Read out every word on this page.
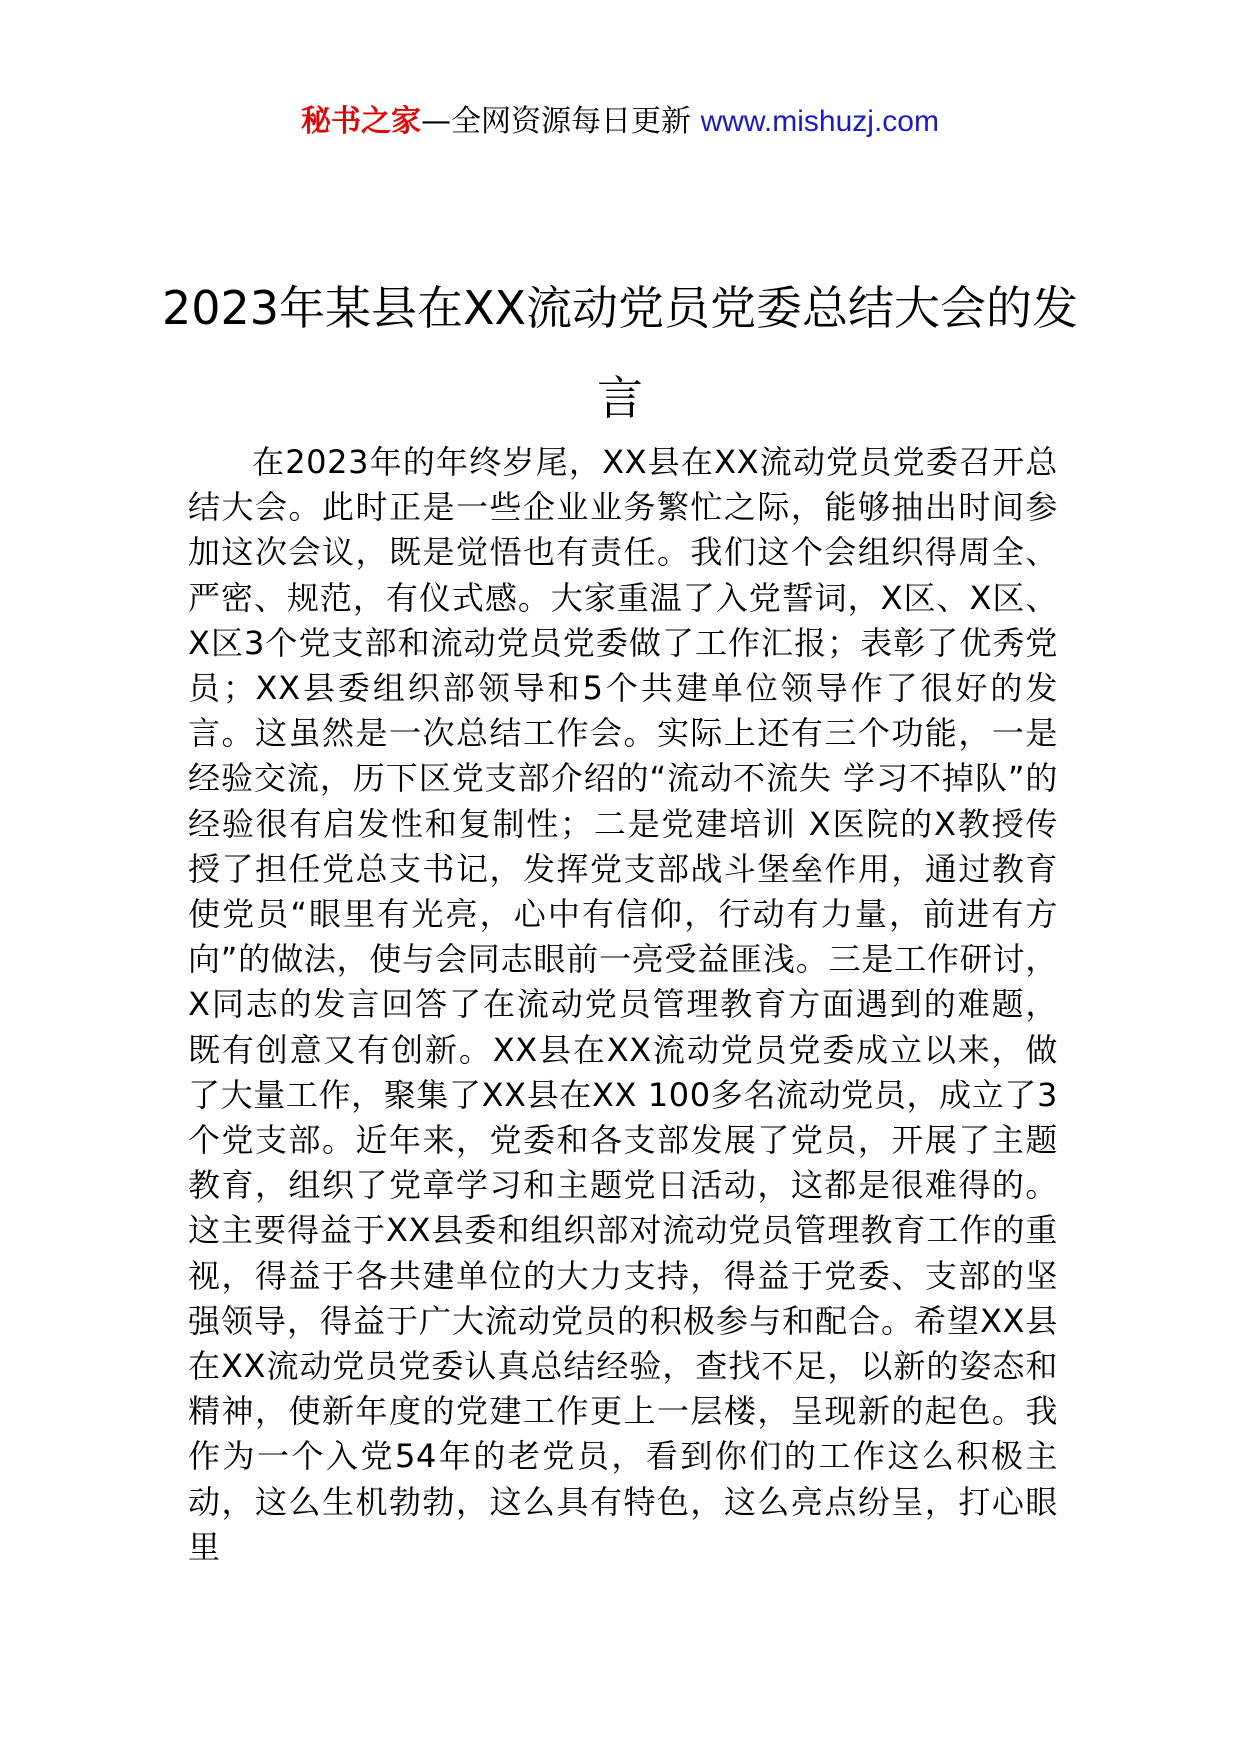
秘书之家—全网资源每日更新 www.mishuzj.com
2023年某县在XX流动党员党委总结大会的发言

在2023年的年终岁尾，XX县在XX流动党员党委召开总结大会。此时正是一些企业业务繁忙之际，能够抽出时间参加这次会议，既是觉悟也有责任。我们这个会组织得周全、严密、规范，有仪式感。大家重温了入党誓词，X区、X区、X区3个党支部和流动党员党委做了工作汇报；表彰了优秀党员；XX县委组织部领导和5个共建单位领导作了很好的发言。这虽然是一次总结工作会。实际上还有三个功能，一是经验交流，历下区党支部介绍的“流动不流失 学习不掉队”的经验很有启发性和复制性；二是党建培训 X医院的X教授传授了担任党总支书记，发挥党支部战斗堡垒作用，通过教育使党员“眼里有光亮，心中有信仰，行动有力量，前进有方向”的做法，使与会同志眼前一亮受益匪浅。三是工作研讨，X同志的发言回答了在流动党员管理教育方面遇到的难题，既有创意又有创新。XX县在XX流动党员党委成立以来，做了大量工作，聚集了XX县在XX 100多名流动党员，成立了3个党支部。近年来，党委和各支部发展了党员，开展了主题教育，组织了党章学习和主题党日活动，这都是很难得的。这主要得益于XX县委和组织部对流动党员管理教育工作的重视，得益于各共建单位的大力支持，得益于党委、支部的坚强领导，得益于广大流动党员的积极参与和配合。希望XX县在XX流动党员党委认真总结经验，查找不足，以新的姿态和精神，使新年度的党建工作更上一层楼，呈现新的起色。我作为一个入党54年的老党员，看到你们的工作这么积极主动，这么生机勃勃，这么具有特色，这么亮点纷呈，打心眼里
